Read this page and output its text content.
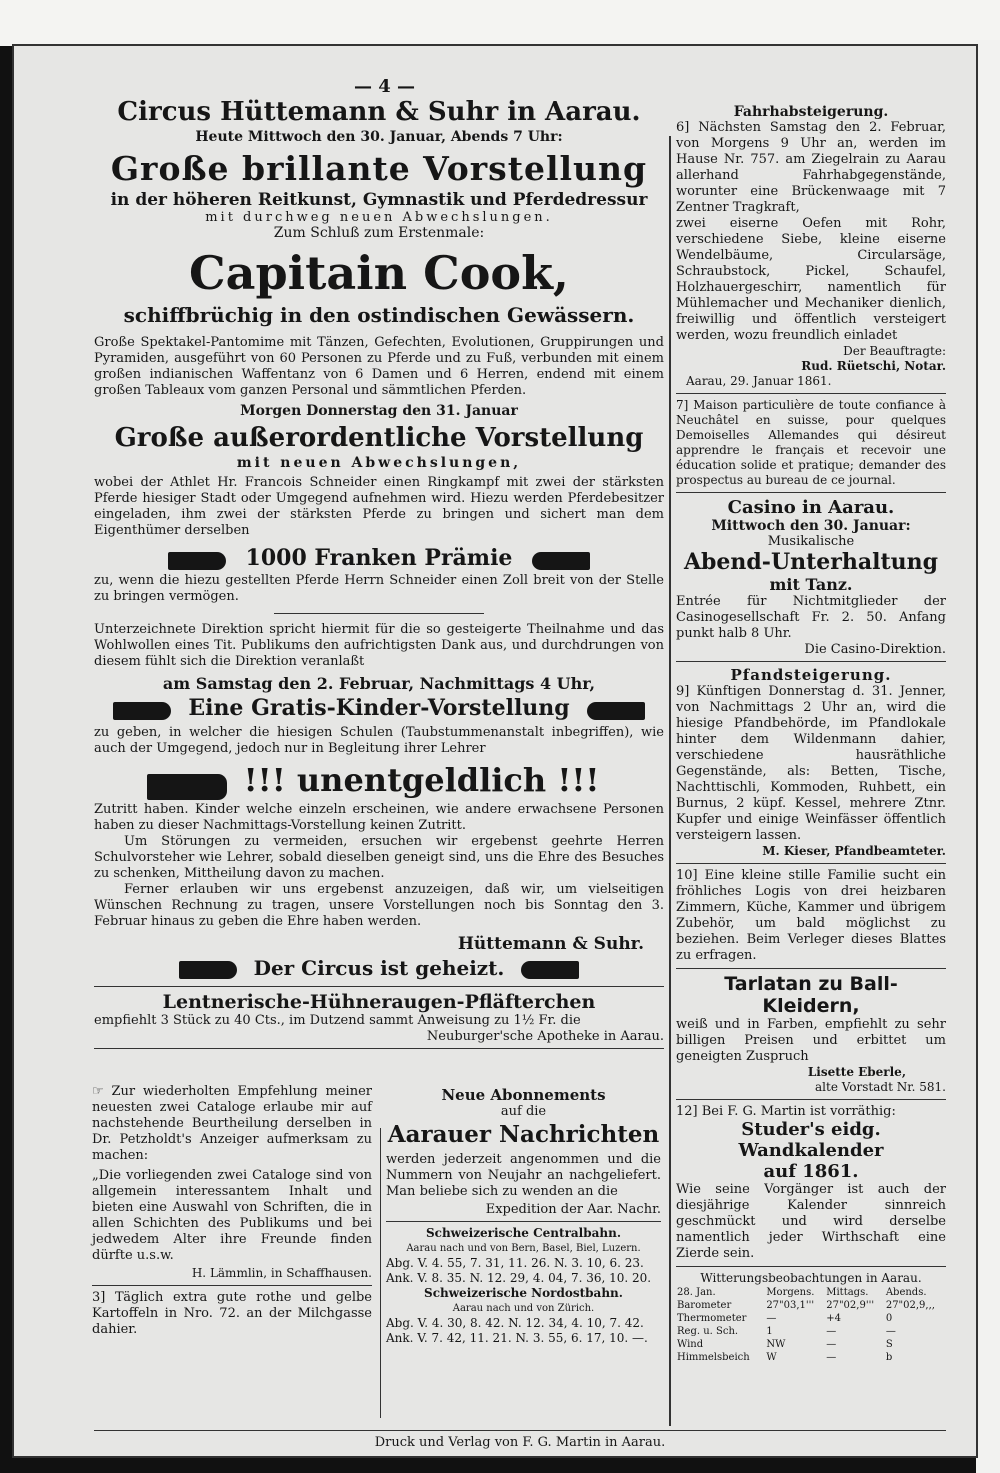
— 4 —
Circus Hüttemann & Suhr in Aarau.
Heute Mittwoch den 30. Januar, Abends 7 Uhr:
Große brillante Vorstellung
in der höheren Reitkunst, Gymnastik und Pferdedressur
mit durchweg neuen Abwechslungen.
Zum Schluß zum Erstenmale:
Capitain Cook,
schiffbrüchig in den ostindischen Gewässern.

Große Spektakel-Pantomime mit Tänzen, Gefechten, Evolutionen, Gruppirungen und Pyramiden, ausgeführt von 60 Personen zu Pferde und zu Fuß, verbunden mit einem großen indianischen Waffentanz von 6 Damen und 6 Herren, endend mit einem großen Tableaux vom ganzen Personal und sämmtlichen Pferden.

Morgen Donnerstag den 31. Januar
Große außerordentliche Vorstellung
mit neuen Abwechslungen,

wobei der Athlet Hr. Francois Schneider einen Ringkampf mit zwei der stärksten Pferde hiesiger Stadt oder Umgegend aufnehmen wird. Hiezu werden Pferdebesitzer eingeladen, ihm zwei der stärksten Pferde zu bringen und sichert man dem Eigenthümer derselben

1000 Franken Prämie

zu, wenn die hiezu gestellten Pferde Herrn Schneider einen Zoll breit von der Stelle zu bringen vermögen.

Unterzeichnete Direktion spricht hiermit für die so gesteigerte Theilnahme und das Wohlwollen eines Tit. Publikums den aufrichtigsten Dank aus, und durchdrungen von diesem fühlt sich die Direktion veranlaßt

am Samstag den 2. Februar, Nachmittags 4 Uhr,
Eine Gratis-Kinder-Vorstellung

zu geben, in welcher die hiesigen Schulen (Taubstummenanstalt inbegriffen), wie auch der Umgegend, jedoch nur in Begleitung ihrer Lehrer

!!! unentgeldlich !!!

Zutritt haben. Kinder welche einzeln erscheinen, wie andere erwachsene Personen haben zu dieser Nachmittags-Vorstellung keinen Zutritt.

Um Störungen zu vermeiden, ersuchen wir ergebenst geehrte Herren Schulvorsteher wie Lehrer, sobald dieselben geneigt sind, uns die Ehre des Besuches zu schenken, Mittheilung davon zu machen.

Ferner erlauben wir uns ergebenst anzuzeigen, daß wir, um vielseitigen Wünschen Rechnung zu tragen, unsere Vorstellungen noch bis Sonntag den 3. Februar hinaus zu geben die Ehre haben werden.

Hüttemann & Suhr.
Der Circus ist geheizt.
Lentnerische-Hühneraugen-Pfläfterchen

empfiehlt 3 Stück zu 40 Cts., im Dutzend sammt Anweisung zu 1½ Fr. die

Neuburger'sche Apotheke in Aarau.

☞ Zur wiederholten Empfehlung meiner neuesten zwei Cataloge erlaube mir auf nachstehende Beurtheilung derselben in Dr. Petzholdt's Anzeiger aufmerksam zu machen:

„Die vorliegenden zwei Cataloge sind von allgemein interessantem Inhalt und bieten eine Auswahl von Schriften, die in allen Schichten des Publikums und bei jedwedem Alter ihre Freunde finden dürfte u.s.w.

H. Lämmlin, in Schaffhausen.

3] Täglich extra gute rothe und gelbe Kartoffeln in Nro. 72. an der Milchgasse dahier.

Neue Abonnements
auf die
Aarauer Nachrichten

werden jederzeit angenommen und die Nummern von Neujahr an nachgeliefert. Man beliebe sich zu wenden an die

Expedition der Aar. Nachr.
Schweizerische Centralbahn.
Aarau nach und von Bern, Basel, Biel, Luzern.
Abg. V. 4. 55, 7. 31, 11. 26. N. 3. 10, 6. 23.
Ank. V. 8. 35. N. 12. 29, 4. 04, 7. 36, 10. 20.
Schweizerische Nordostbahn.
Aarau nach und von Zürich.
Abg. V. 4. 30, 8. 42. N. 12. 34, 4. 10, 7. 42.
Ank. V. 7. 42, 11. 21. N. 3. 55, 6. 17, 10. —.
Fahrhabsteigerung.

6] Nächsten Samstag den 2. Februar, von Morgens 9 Uhr an, werden im Hause Nr. 757. am Ziegelrain zu Aarau allerhand Fahrhabgegenstände, worunter eine Brückenwaage mit 7 Zentner Tragkraft,

zwei eiserne Oefen mit Rohr, verschiedene Siebe, kleine eiserne Wendelbäume, Circularsäge, Schraubstock, Pickel, Schaufel, Holzhauergeschirr, namentlich für Mühlemacher und Mechaniker dienlich, freiwillig und öffentlich versteigert werden, wozu freundlich einladet

Der Beauftragte:
Rud. Rüetschi, Notar.
Aarau, 29. Januar 1861.

7] Maison particulière de toute confiance à Neuchâtel en suisse, pour quelques Demoiselles Allemandes qui désireut apprendre le français et recevoir une éducation solide et pratique; demander des prospectus au bureau de ce journal.

Casino in Aarau.
Mittwoch den 30. Januar:
Musikalische
Abend-Unterhaltung
mit Tanz.

Entrée für Nichtmitglieder der Casinogesellschaft Fr. 2. 50. Anfang punkt halb 8 Uhr.

Die Casino-Direktion.
Pfandsteigerung.

9] Künftigen Donnerstag d. 31. Jenner, von Nachmittags 2 Uhr an, wird die hiesige Pfandbehörde, im Pfandlokale hinter dem Wildenmann dahier, verschiedene hausräthliche Gegenstände, als: Betten, Tische, Nachttischli, Kommoden, Ruhbett, ein Burnus, 2 küpf. Kessel, mehrere Ztnr. Kupfer und einige Weinfässer öffentlich versteigern lassen.

M. Kieser, Pfandbeamteter.

10] Eine kleine stille Familie sucht ein fröhliches Logis von drei heizbaren Zimmern, Küche, Kammer und übrigem Zubehör, um bald möglichst zu beziehen. Beim Verleger dieses Blattes zu erfragen.

Tarlatan zu Ball-Kleidern,

weiß und in Farben, empfiehlt zu sehr billigen Preisen und erbittet um geneigten Zuspruch

Lisette Eberle,
alte Vorstadt Nr. 581.
12] Bei F. G. Martin ist vorräthig:
Studer's eidg. Wandkalender
auf 1861.

Wie seine Vorgänger ist auch der diesjährige Kalender sinnreich geschmückt und wird derselbe namentlich jeder Wirthschaft eine Zierde sein.

Witterungsbeobachtungen in Aarau.
28. Jan.	Morgens.	Mittags.	Abends.
Barometer	27"03,1'''	27"02,9'''	27"02,9,,,
Thermometer	—	+4	0
Reg. u. Sch.	1	—	—
Wind	NW	—	S
Himmelsbeich	W	—	b
Druck und Verlag von F. G. Martin in Aarau.
